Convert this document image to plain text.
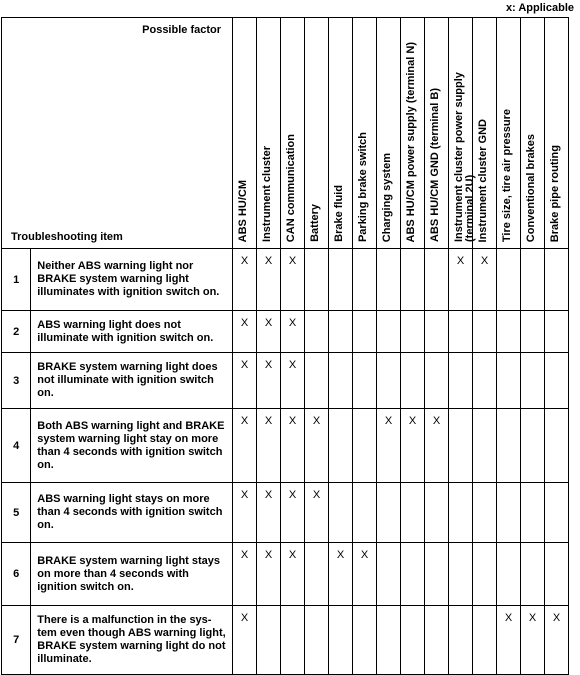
x: Applicable
Possible factor
Troubleshooting item		ABS HU/CM	Instrument cluster	CAN communication	Battery	Brake fluid	Parking brake switch	Charging system	ABS HU/CM power supply (terminal N)	ABS HU/CM GND (terminal B)	Instrument cluster power supply (terminal 2U)	Instrument cluster GND	Tire size, tire air pressure	Conventional brakes	Brake pipe routing

1	Neither ABS warning light nor BRAKE system warning light illuminates with ignition switch on.	X	X	X							X	X			
2	ABS warning light does not illuminate with ignition switch on.	X	X	X											
3	BRAKE system warning light does not illuminate with ignition switch on.	X	X	X											
4	Both ABS warning light and BRAKE system warning light stay on more than 4 seconds with ignition switch on.	X	X	X	X			X	X	X					
5	ABS warning light stays on more than 4 seconds with ignition switch on.	X	X	X	X										
6	BRAKE system warning light stays on more than 4 seconds with ignition switch on.	X	X	X		X	X								
7	There is a malfunction in the sys- tem even though ABS warning light, BRAKE system warning light do not illuminate.	X											X	X	X
